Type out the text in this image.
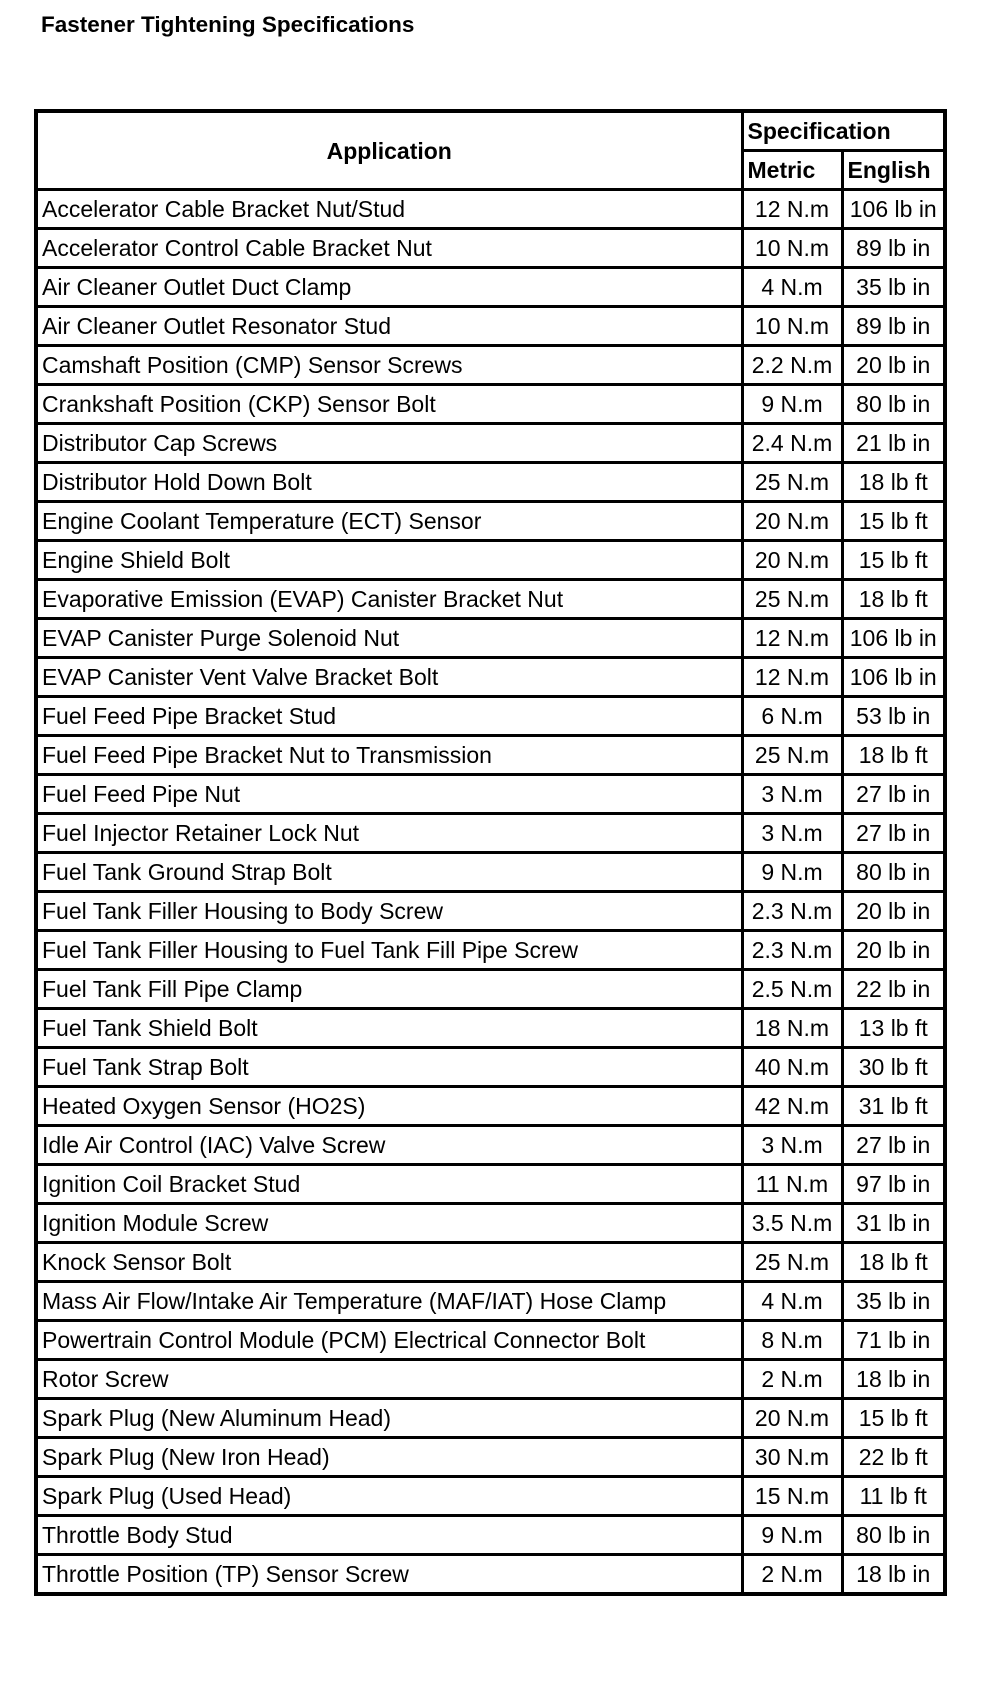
Fastener Tightening Specifications
Application	Specification	
	Metric	English
Accelerator Cable Bracket Nut/Stud	12 N.m	106 lb in
Accelerator Control Cable Bracket Nut	10 N.m	89 lb in
Air Cleaner Outlet Duct Clamp	4 N.m	35 lb in
Air Cleaner Outlet Resonator Stud	10 N.m	89 lb in
Camshaft Position (CMP) Sensor Screws	2.2 N.m	20 lb in
Crankshaft Position (CKP) Sensor Bolt	9 N.m	80 lb in
Distributor Cap Screws	2.4 N.m	21 lb in
Distributor Hold Down Bolt	25 N.m	18 lb ft
Engine Coolant Temperature (ECT) Sensor	20 N.m	15 lb ft
Engine Shield Bolt	20 N.m	15 lb ft
Evaporative Emission (EVAP) Canister Bracket Nut	25 N.m	18 lb ft
EVAP Canister Purge Solenoid Nut	12 N.m	106 lb in
EVAP Canister Vent Valve Bracket Bolt	12 N.m	106 lb in
Fuel Feed Pipe Bracket Stud	6 N.m	53 lb in
Fuel Feed Pipe Bracket Nut to Transmission	25 N.m	18 lb ft
Fuel Feed Pipe Nut	3 N.m	27 lb in
Fuel Injector Retainer Lock Nut	3 N.m	27 lb in
Fuel Tank Ground Strap Bolt	9 N.m	80 lb in
Fuel Tank Filler Housing to Body Screw	2.3 N.m	20 lb in
Fuel Tank Filler Housing to Fuel Tank Fill Pipe Screw	2.3 N.m	20 lb in
Fuel Tank Fill Pipe Clamp	2.5 N.m	22 lb in
Fuel Tank Shield Bolt	18 N.m	13 lb ft
Fuel Tank Strap Bolt	40 N.m	30 lb ft
Heated Oxygen Sensor (HO2S)	42 N.m	31 lb ft
Idle Air Control (IAC) Valve Screw	3 N.m	27 lb in
Ignition Coil Bracket Stud	11 N.m	97 lb in
Ignition Module Screw	3.5 N.m	31 lb in
Knock Sensor Bolt	25 N.m	18 lb ft
Mass Air Flow/Intake Air Temperature (MAF/IAT) Hose Clamp	4 N.m	35 lb in
Powertrain Control Module (PCM) Electrical Connector Bolt	8 N.m	71 lb in
Rotor Screw	2 N.m	18 lb in
Spark Plug (New Aluminum Head)	20 N.m	15 lb ft
Spark Plug (New Iron Head)	30 N.m	22 lb ft
Spark Plug (Used Head)	15 N.m	11 lb ft
Throttle Body Stud	9 N.m	80 lb in
Throttle Position (TP) Sensor Screw	2 N.m	18 lb in
